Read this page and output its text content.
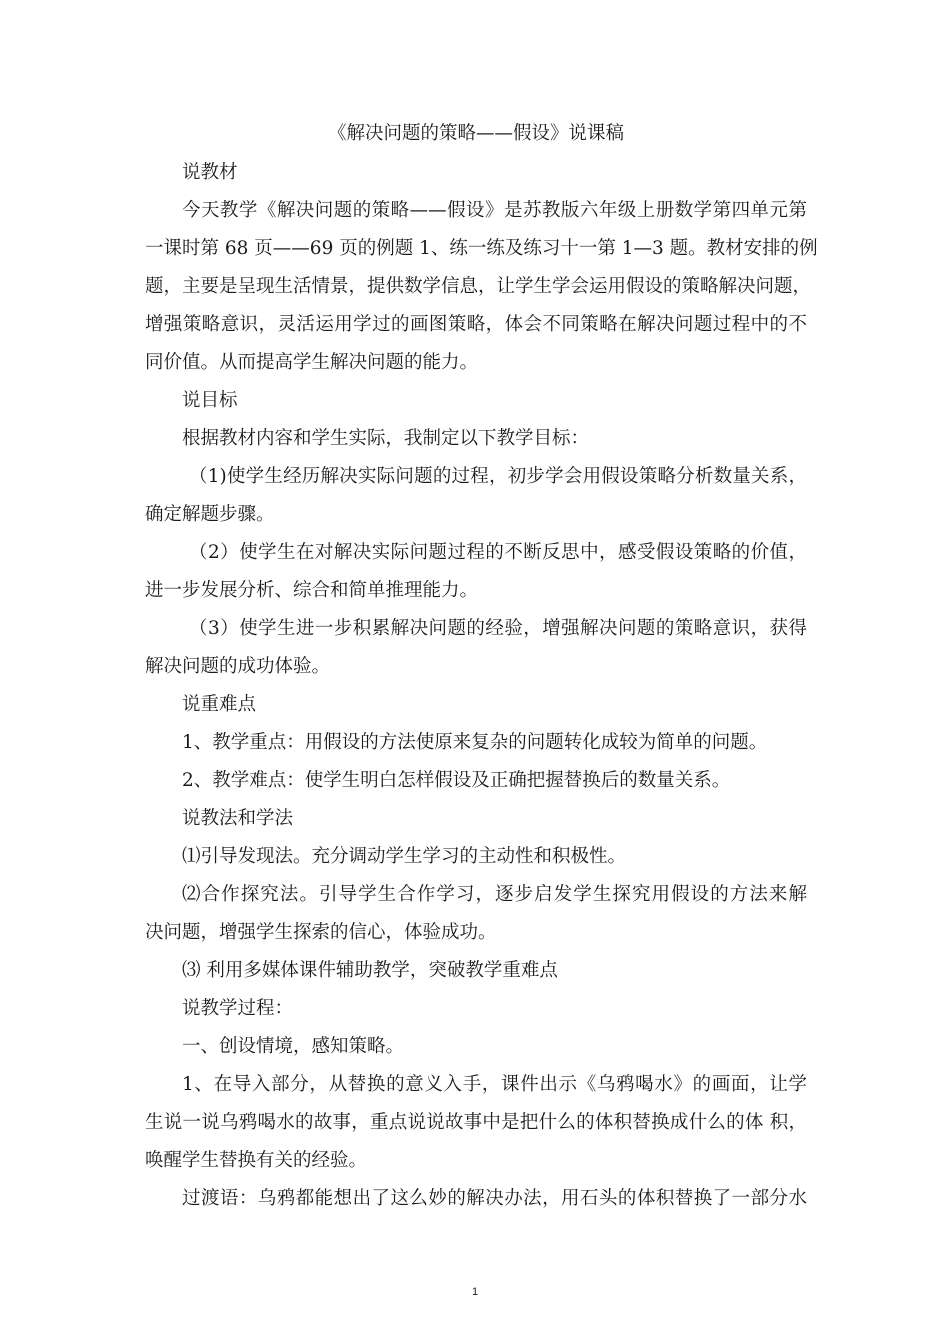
《解决问题的策略——假设》说课稿
说教材
今天教学《解决问题的策略——假设》是苏教版六年级上册数学第四单元第
一课时第 68 页——69 页的例题 1、练一练及练习十一第 1—3 题。教材安排的例
题，主要是呈现生活情景，提供数学信息，让学生学会运用假设的策略解决问题，
增强策略意识，灵活运用学过的画图策略，体会不同策略在解决问题过程中的不
同价值。从而提高学生解决问题的能力。
说目标
根据教材内容和学生实际，我制定以下教学目标：
（1)使学生经历解决实际问题的过程，初步学会用假设策略分析数量关系，
确定解题步骤。
（2）使学生在对解决实际问题过程的不断反思中，感受假设策略的价值，
进一步发展分析、综合和简单推理能力。
（3）使学生进一步积累解决问题的经验，增强解决问题的策略意识，获得
解决问题的成功体验。
说重难点
1、教学重点：用假设的方法使原来复杂的问题转化成较为简单的问题。
2、教学难点：使学生明白怎样假设及正确把握替换后的数量关系。
说教法和学法
⑴引导发现法。充分调动学生学习的主动性和积极性。
⑵合作探究法。引导学生合作学习，逐步启发学生探究用假设的方法来解
决问题，增强学生探索的信心，体验成功。
⑶ 利用多媒体课件辅助教学，突破教学重难点
说教学过程：
一、创设情境，感知策略。
1、在导入部分，从替换的意义入手，课件出示《乌鸦喝水》的画面，让学
生说一说乌鸦喝水的故事，重点说说故事中是把什么的体积替换成什么的体 积，
唤醒学生替换有关的经验。
过渡语：乌鸦都能想出了这么妙的解决办法，用石头的体积替换了一部分水
1
